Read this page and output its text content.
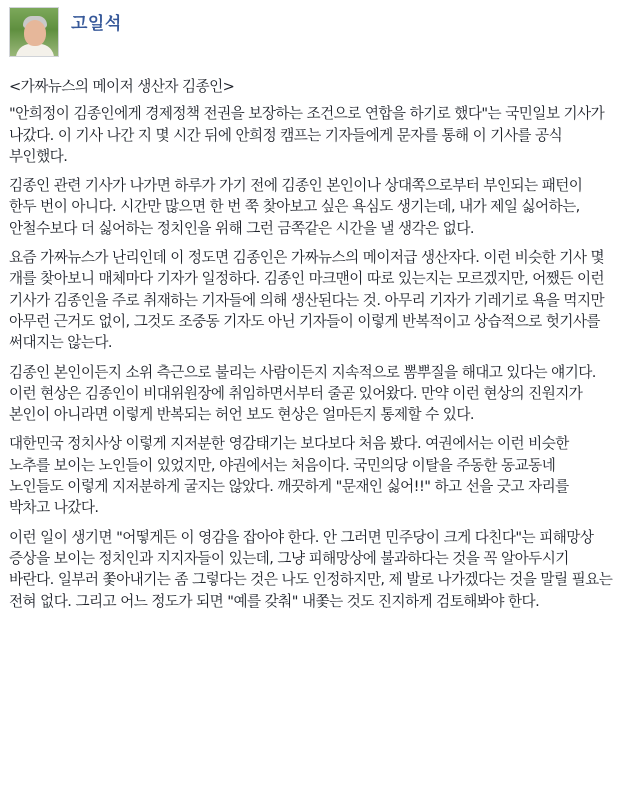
고일석

<가짜뉴스의 메이저 생산자 김종인>

"안희정이 김종인에게 경제정책 전권을 보장하는 조건으로 연합을 하기로 했다"는 국민일보 기사가 나갔다. 이 기사 나간 지 몇 시간 뒤에 안희정 캠프는 기자들에게 문자를 통해 이 기사를 공식 부인했다.

김종인 관련 기사가 나가면 하루가 가기 전에 김종인 본인이나 상대쪽으로부터 부인되는 패턴이 한두 번이 아니다. 시간만 많으면 한 번 쭉 찾아보고 싶은 욕심도 생기는데, 내가 제일 싫어하는, 안철수보다 더 싫어하는 정치인을 위해 그런 금쪽같은 시간을 낼 생각은 없다.

요즘 가짜뉴스가 난리인데 이 정도면 김종인은 가짜뉴스의 메이저급 생산자다. 이런 비슷한 기사 몇 개를 찾아보니 매체마다 기자가 일정하다. 김종인 마크맨이 따로 있는지는 모르겠지만, 어쨌든 이런 기사가 김종인을 주로 취재하는 기자들에 의해 생산된다는 것. 아무리 기자가 기레기로 욕을 먹지만 아무런 근거도 없이, 그것도 조중동 기자도 아닌 기자들이 이렇게 반복적이고 상습적으로 헛기사를 써대지는 않는다.

김종인 본인이든지 소위 측근으로 불리는 사람이든지 지속적으로 뽐뿌질을 해대고 있다는 얘기다. 이런 현상은 김종인이 비대위원장에 취임하면서부터 줄곧 있어왔다. 만약 이런 현상의 진원지가 본인이 아니라면 이렇게 반복되는 허언 보도 현상은 얼마든지 통제할 수 있다.

대한민국 정치사상 이렇게 지저분한 영감태기는 보다보다 처음 봤다. 여권에서는 이런 비슷한 노추를 보이는 노인들이 있었지만, 야권에서는 처음이다. 국민의당 이탈을 주동한 동교동네 노인들도 이렇게 지저분하게 굴지는 않았다. 깨끗하게 "문재인 싫어!!" 하고 선을 긋고 자리를 박차고 나갔다.

이런 일이 생기면 "어떻게든 이 영감을 잡아야 한다. 안 그러면 민주당이 크게 다친다"는 피해망상 증상을 보이는 정치인과 지지자들이 있는데, 그냥 피해망상에 불과하다는 것을 꼭 알아두시기 바란다. 일부러 쫓아내기는 좀 그렇다는 것은 나도 인정하지만, 제 발로 나가겠다는 것을 말릴 필요는 전혀 없다. 그리고 어느 정도가 되면 "예를 갖춰" 내쫓는 것도 진지하게 검토해봐야 한다.
